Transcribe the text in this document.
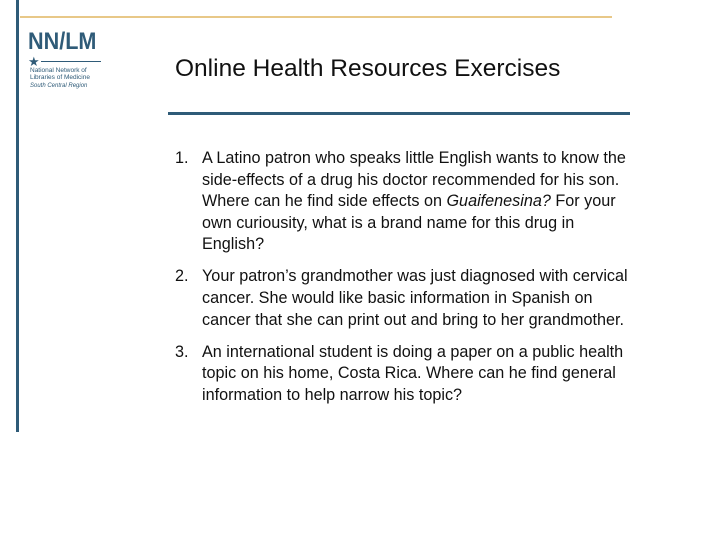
NN/LM
★
National Network of Libraries of Medicine
South Central Region
Online Health Resources Exercises
1. A Latino patron who speaks little English wants to know the side-effects of a drug his doctor recommended for his son. Where can he find side effects on Guaifenesina? For your own curiousity, what is a brand name for this drug in English?
2. Your patron’s grandmother was just diagnosed with cervical cancer. She would like basic information in Spanish on cancer that she can print out and bring to her grandmother.
3. An international student is doing a paper on a public health topic on his home, Costa Rica. Where can he find general information to help narrow his topic?
